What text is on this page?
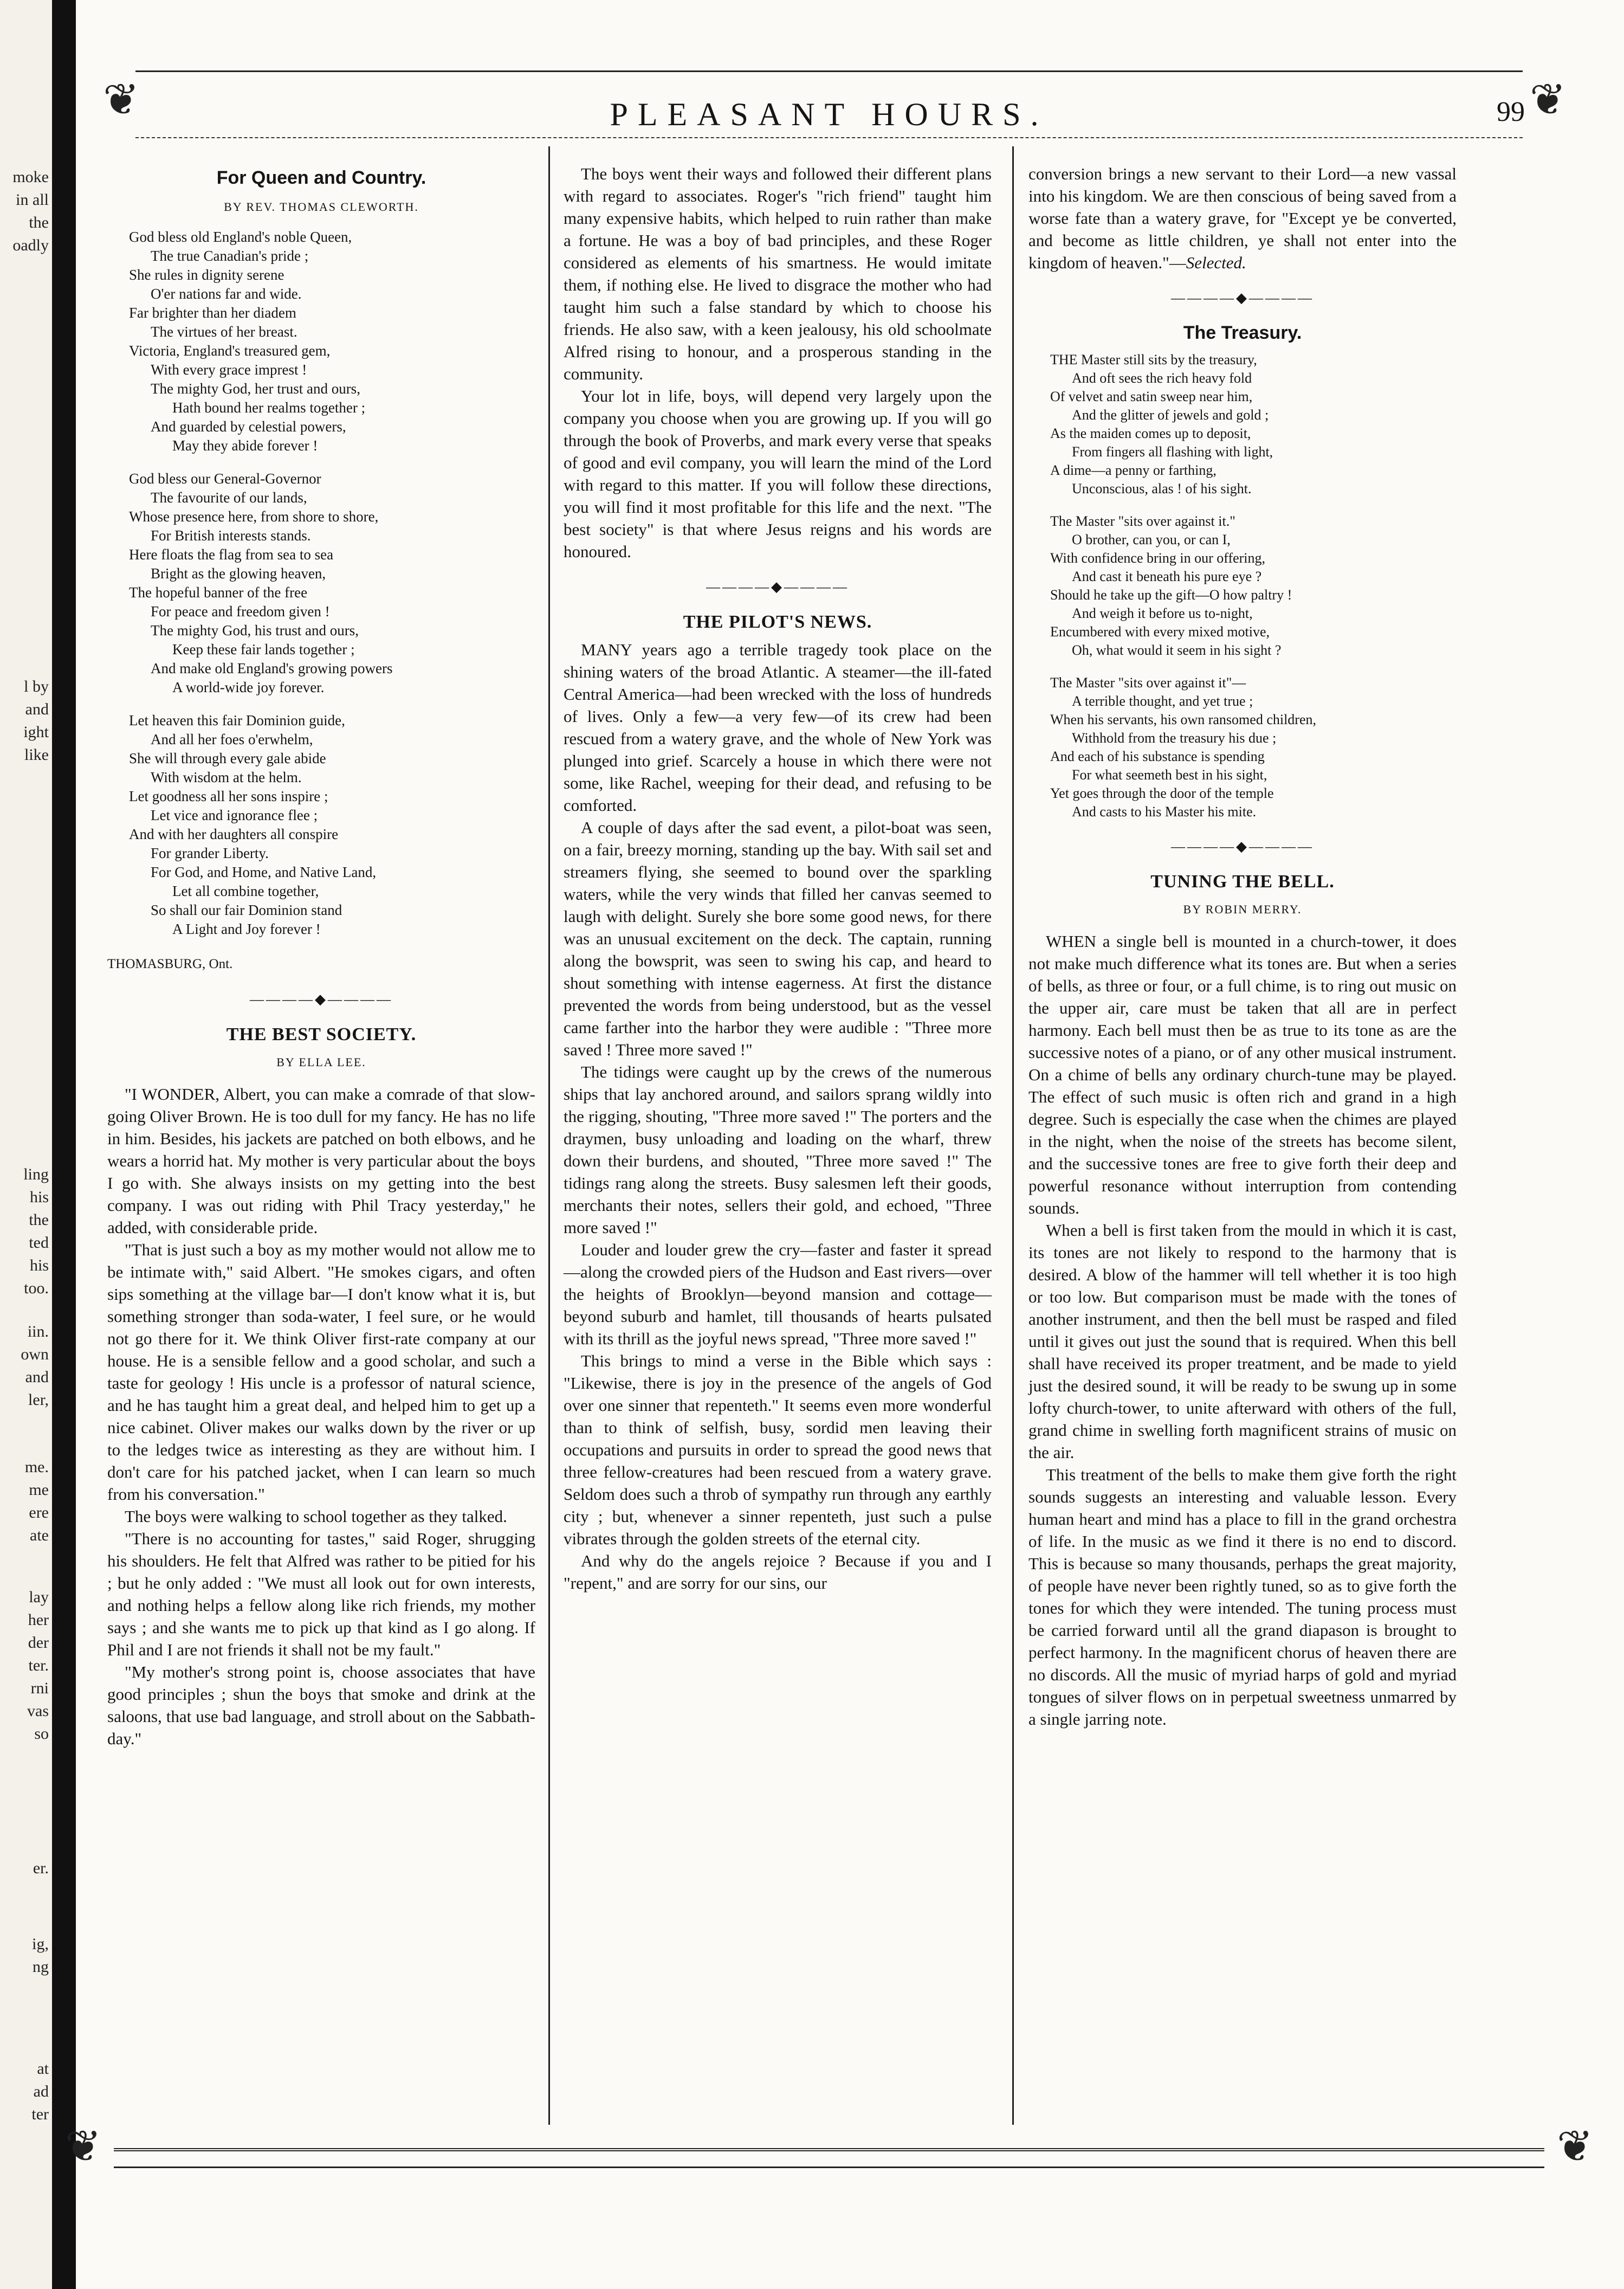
moke
in all
the
oadly
l by
and
ight
like
ling
his
the
ted
his
too.
iin.
own
and
ler,
me.
me
ere
ate
lay
her
der
ter.
rni
vas
so
er.
ig,
ng
at
ad
ter
❦	PLEASANT HOURS.	99 ❦
For Queen and Country.
BY REV. THOMAS CLEWORTH.
God bless old England's noble Queen,
The true Canadian's pride ;
She rules in dignity serene
O'er nations far and wide.
Far brighter than her diadem
The virtues of her breast.
Victoria, England's treasured gem,
With every grace imprest !
The mighty God, her trust and ours,
Hath bound her realms together ;
And guarded by celestial powers,
May they abide forever !
God bless our General-Governor
The favourite of our lands,
Whose presence here, from shore to shore,
For British interests stands.
Here floats the flag from sea to sea
Bright as the glowing heaven,
The hopeful banner of the free
For peace and freedom given !
The mighty God, his trust and ours,
Keep these fair lands together ;
And make old England's growing powers
A world-wide joy forever.
Let heaven this fair Dominion guide,
And all her foes o'erwhelm,
She will through every gale abide
With wisdom at the helm.
Let goodness all her sons inspire ;
Let vice and ignorance flee ;
And with her daughters all conspire
For grander Liberty.
For God, and Home, and Native Land,
Let all combine together,
So shall our fair Dominion stand
A Light and Joy forever !
THOMASBURG, Ont.
――――◆――――
THE BEST SOCIETY.
BY ELLA LEE.

"I WONDER, Albert, you can make a comrade of that slow-going Oliver Brown. He is too dull for my fancy. He has no life in him. Besides, his jackets are patched on both elbows, and he wears a horrid hat. My mother is very particular about the boys I go with. She always insists on my getting into the best company. I was out riding with Phil Tracy yesterday," he added, with considerable pride.

"That is just such a boy as my mother would not allow me to be intimate with," said Albert. "He smokes cigars, and often sips something at the village bar—I don't know what it is, but something stronger than soda-water, I feel sure, or he would not go there for it. We think Oliver first-rate company at our house. He is a sensible fellow and a good scholar, and such a taste for geology ! His uncle is a professor of natural science, and he has taught him a great deal, and helped him to get up a nice cabinet. Oliver makes our walks down by the river or up to the ledges twice as interesting as they are without him. I don't care for his patched jacket, when I can learn so much from his conversation."

The boys were walking to school together as they talked.

"There is no accounting for tastes," said Roger, shrugging his shoulders. He felt that Alfred was rather to be pitied for his ; but he only added : "We must all look out for own interests, and nothing helps a fellow along like rich friends, my mother says ; and she wants me to pick up that kind as I go along. If Phil and I are not friends it shall not be my fault."

"My mother's strong point is, choose associates that have good principles ; shun the boys that smoke and drink at the saloons, that use bad language, and stroll about on the Sabbath-day."

The boys went their ways and followed their different plans with regard to associates. Roger's "rich friend" taught him many expensive habits, which helped to ruin rather than make a fortune. He was a boy of bad principles, and these Roger considered as elements of his smartness. He would imitate them, if nothing else. He lived to disgrace the mother who had taught him such a false standard by which to choose his friends. He also saw, with a keen jealousy, his old schoolmate Alfred rising to honour, and a prosperous standing in the community.

Your lot in life, boys, will depend very largely upon the company you choose when you are growing up. If you will go through the book of Proverbs, and mark every verse that speaks of good and evil company, you will learn the mind of the Lord with regard to this matter. If you will follow these directions, you will find it most profitable for this life and the next. "The best society" is that where Jesus reigns and his words are honoured.

――――◆――――
THE PILOT'S NEWS.

MANY years ago a terrible tragedy took place on the shining waters of the broad Atlantic. A steamer—the ill-fated Central America—had been wrecked with the loss of hundreds of lives. Only a few—a very few—of its crew had been rescued from a watery grave, and the whole of New York was plunged into grief. Scarcely a house in which there were not some, like Rachel, weeping for their dead, and refusing to be comforted.

A couple of days after the sad event, a pilot-boat was seen, on a fair, breezy morning, standing up the bay. With sail set and streamers flying, she seemed to bound over the sparkling waters, while the very winds that filled her canvas seemed to laugh with delight. Surely she bore some good news, for there was an unusual excitement on the deck. The captain, running along the bowsprit, was seen to swing his cap, and heard to shout something with intense eagerness. At first the distance prevented the words from being understood, but as the vessel came farther into the harbor they were audible : "Three more saved ! Three more saved !"

The tidings were caught up by the crews of the numerous ships that lay anchored around, and sailors sprang wildly into the rigging, shouting, "Three more saved !" The porters and the draymen, busy unloading and loading on the wharf, threw down their burdens, and shouted, "Three more saved !" The tidings rang along the streets. Busy salesmen left their goods, merchants their notes, sellers their gold, and echoed, "Three more saved !"

Louder and louder grew the cry—faster and faster it spread—along the crowded piers of the Hudson and East rivers—over the heights of Brooklyn—beyond mansion and cottage—beyond suburb and hamlet, till thousands of hearts pulsated with its thrill as the joyful news spread, "Three more saved !"

This brings to mind a verse in the Bible which says : "Likewise, there is joy in the presence of the angels of God over one sinner that repenteth." It seems even more wonderful than to think of selfish, busy, sordid men leaving their occupations and pursuits in order to spread the good news that three fellow-creatures had been rescued from a watery grave. Seldom does such a throb of sympathy run through any earthly city ; but, whenever a sinner repenteth, just such a pulse vibrates through the golden streets of the eternal city.

And why do the angels rejoice ? Because if you and I "repent," and are sorry for our sins, our

conversion brings a new servant to their Lord—a new vassal into his kingdom. We are then conscious of being saved from a worse fate than a watery grave, for "Except ye be converted, and become as little children, ye shall not enter into the kingdom of heaven."—Selected.

――――◆――――
The Treasury.
THE Master still sits by the treasury,
And oft sees the rich heavy fold
Of velvet and satin sweep near him,
And the glitter of jewels and gold ;
As the maiden comes up to deposit,
From fingers all flashing with light,
A dime—a penny or farthing,
Unconscious, alas ! of his sight.
The Master "sits over against it."
O brother, can you, or can I,
With confidence bring in our offering,
And cast it beneath his pure eye ?
Should he take up the gift—O how paltry !
And weigh it before us to-night,
Encumbered with every mixed motive,
Oh, what would it seem in his sight ?
The Master "sits over against it"—
A terrible thought, and yet true ;
When his servants, his own ransomed children,
Withhold from the treasury his due ;
And each of his substance is spending
For what seemeth best in his sight,
Yet goes through the door of the temple
And casts to his Master his mite.
――――◆――――
TUNING THE BELL.
BY ROBIN MERRY.

WHEN a single bell is mounted in a church-tower, it does not make much difference what its tones are. But when a series of bells, as three or four, or a full chime, is to ring out music on the upper air, care must be taken that all are in perfect harmony. Each bell must then be as true to its tone as are the successive notes of a piano, or of any other musical instrument. On a chime of bells any ordinary church-tune may be played. The effect of such music is often rich and grand in a high degree. Such is especially the case when the chimes are played in the night, when the noise of the streets has become silent, and the successive tones are free to give forth their deep and powerful resonance without interruption from contending sounds.

When a bell is first taken from the mould in which it is cast, its tones are not likely to respond to the harmony that is desired. A blow of the hammer will tell whether it is too high or too low. But comparison must be made with the tones of another instrument, and then the bell must be rasped and filed until it gives out just the sound that is required. When this bell shall have received its proper treatment, and be made to yield just the desired sound, it will be ready to be swung up in some lofty church-tower, to unite afterward with others of the full, grand chime in swelling forth magnificent strains of music on the air.

This treatment of the bells to make them give forth the right sounds suggests an interesting and valuable lesson. Every human heart and mind has a place to fill in the grand orchestra of life. In the music as we find it there is no end to discord. This is because so many thousands, perhaps the great majority, of people have never been rightly tuned, so as to give forth the tones for which they were intended. The tuning process must be carried forward until all the grand diapason is brought to perfect harmony. In the magnificent chorus of heaven there are no discords. All the music of myriad harps of gold and myriad tongues of silver flows on in perpetual sweetness unmarred by a single jarring note.

❦	❦
